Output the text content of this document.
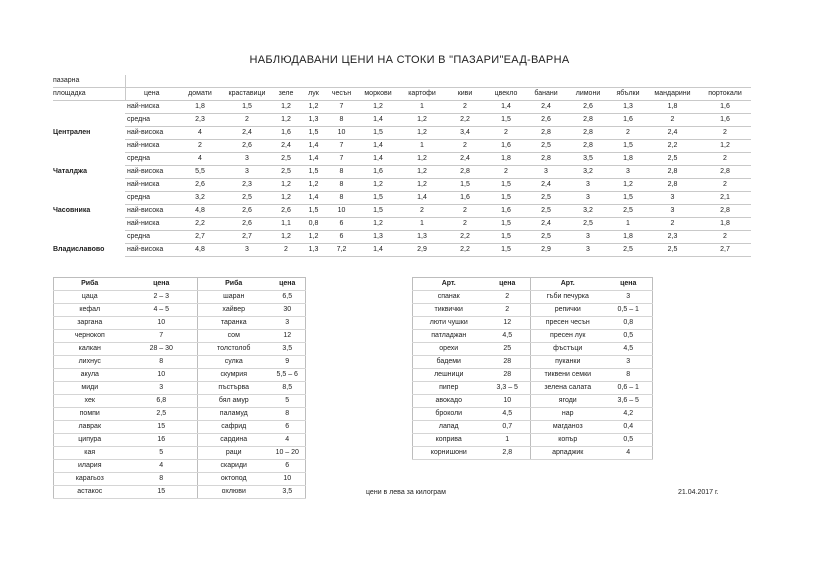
НАБЛЮДАВАНИ ЦЕНИ НА СТОКИ В "ПАЗАРИ"ЕАД-ВАРНА
пазарна															
площадка	цена	домати	краставици	зеле	лук	чесън	моркови	картофи	киви	цвекло	банани	лимони	ябълки	мандарини	портокали
	най-ниска	1,8	1,5	1,2	1,2	7	1,2	1	2	1,4	2,4	2,6	1,3	1,8	1,6
	средна	2,3	2	1,2	1,3	8	1,4	1,2	2,2	1,5	2,6	2,8	1,6	2	1,6
Централен	най-висока	4	2,4	1,6	1,5	10	1,5	1,2	3,4	2	2,8	2,8	2	2,4	2
	най-ниска	2	2,6	2,4	1,4	7	1,4	1	2	1,6	2,5	2,8	1,5	2,2	1,2
	средна	4	3	2,5	1,4	7	1,4	1,2	2,4	1,8	2,8	3,5	1,8	2,5	2
Чаталджа	най-висока	5,5	3	2,5	1,5	8	1,6	1,2	2,8	2	3	3,2	3	2,8	2,8
	най-ниска	2,6	2,3	1,2	1,2	8	1,2	1,2	1,5	1,5	2,4	3	1,2	2,8	2
	средна	3,2	2,5	1,2	1,4	8	1,5	1,4	1,6	1,5	2,5	3	1,5	3	2,1
Часовника	най-висока	4,8	2,6	2,6	1,5	10	1,5	2	2	1,6	2,5	3,2	2,5	3	2,8
	най-ниска	2,2	2,6	1,1	0,8	6	1,2	1	2	1,5	2,4	2,5	1	2	1,8
	средна	2,7	2,7	1,2	1,2	6	1,3	1,3	2,2	1,5	2,5	3	1,8	2,3	2
Владиславово	най-висока	4,8	3	2	1,3	7,2	1,4	2,9	2,2	1,5	2,9	3	2,5	2,5	2,7
Риба	цена	Риба	цена
цаца	2 – 3	шаран	6,5
кефал	4 – 5	хайвер	30
заргана	10	таранка	3
чернокоп	7	сом	12
калкан	28 – 30	толстолоб	3,5
лихнус	8	сулка	9
акула	10	скумрия	5,5 – 6
миди	3	пъстърва	8,5
хек	6,8	бял амур	5
помпи	2,5	паламуд	8
лаврак	15	сафрид	6
ципура	16	сардина	4
кая	5	раци	10 – 20
илария	4	скариди	6
карагьоз	8	октопод	10
астакос	15	охлюви	3,5
Арт.	цена	Арт.	цена
спанак	2	гъби печурка	3
тиквички	2	репички	0,5 – 1
люти чушки	12	пресен чесън	0,8
патладжан	4,5	пресен лук	0,5
орехи	25	фъстъци	4,5
бадеми	28	пуканки	3
лешници	28	тиквени семки	8
пипер	3,3 – 5	зелена салата	0,6 – 1
авокадо	10	ягоди	3,6 – 5
броколи	4,5	нар	4,2
лапад	0,7	магданоз	0,4
коприва	1	копър	0,5
корнишони	2,8	арпаджик	4
цени в лева за килограм	21.04.2017 г.
